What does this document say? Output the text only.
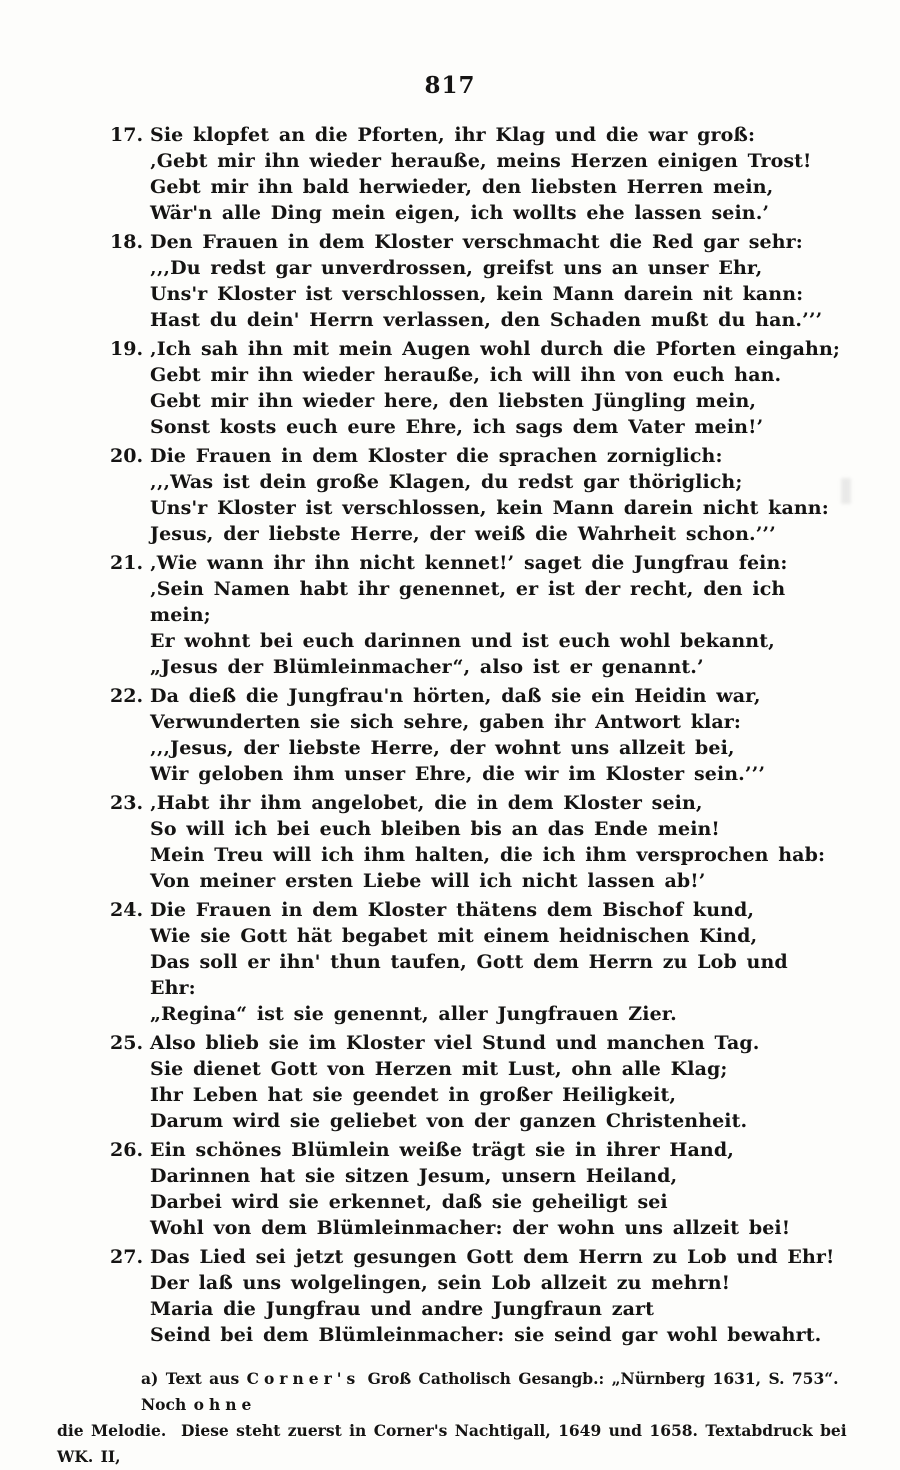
817
17. Sie klopfet an die Pforten, ihr Klag und die war groß:
‚Gebt mir ihn wieder herauße, meins Herzen einigen Trost!
Gebt mir ihn bald herwieder, den liebsten Herren mein,
Wär'n alle Ding mein eigen, ich wollts ehe lassen sein.’
18. Den Frauen in dem Kloster verschmacht die Red gar sehr:
‚‚‚Du redst gar unverdrossen, greifst uns an unser Ehr,
Uns'r Kloster ist verschlossen, kein Mann darein nit kann:
Hast du dein' Herrn verlassen, den Schaden mußt du han.’’’
19. ‚Ich sah ihn mit mein Augen wohl durch die Pforten eingahn;
Gebt mir ihn wieder herauße, ich will ihn von euch han.
Gebt mir ihn wieder here, den liebsten Jüngling mein,
Sonst kosts euch eure Ehre, ich sags dem Vater mein!’
20. Die Frauen in dem Kloster die sprachen zorniglich:
‚‚‚Was ist dein große Klagen, du redst gar thöriglich;
Uns'r Kloster ist verschlossen, kein Mann darein nicht kann:
Jesus, der liebste Herre, der weiß die Wahrheit schon.’’’
21. ‚Wie wann ihr ihn nicht kennet!’ saget die Jungfrau fein:
‚Sein Namen habt ihr genennet, er ist der recht, den ich mein;
Er wohnt bei euch darinnen und ist euch wohl bekannt,
„Jesus der Blümleinmacher“, also ist er genannt.’
22. Da dieß die Jungfrau'n hörten, daß sie ein Heidin war,
Verwunderten sie sich sehre, gaben ihr Antwort klar:
‚‚‚Jesus, der liebste Herre, der wohnt uns allzeit bei,
Wir geloben ihm unser Ehre, die wir im Kloster sein.’’’
23. ‚Habt ihr ihm angelobet, die in dem Kloster sein,
So will ich bei euch bleiben bis an das Ende mein!
Mein Treu will ich ihm halten, die ich ihm versprochen hab:
Von meiner ersten Liebe will ich nicht lassen ab!’
24. Die Frauen in dem Kloster thätens dem Bischof kund,
Wie sie Gott hät begabet mit einem heidnischen Kind,
Das soll er ihn' thun taufen, Gott dem Herrn zu Lob und Ehr:
„Regina“ ist sie genennt, aller Jungfrauen Zier.
25. Also blieb sie im Kloster viel Stund und manchen Tag.
Sie dienet Gott von Herzen mit Lust, ohn alle Klag;
Ihr Leben hat sie geendet in großer Heiligkeit,
Darum wird sie geliebet von der ganzen Christenheit.
26. Ein schönes Blümlein weiße trägt sie in ihrer Hand,
Darinnen hat sie sitzen Jesum, unsern Heiland,
Darbei wird sie erkennet, daß sie geheiligt sei
Wohl von dem Blümleinmacher: der wohn uns allzeit bei!
27. Das Lied sei jetzt gesungen Gott dem Herrn zu Lob und Ehr!
Der laß uns wolgelingen, sein Lob allzeit zu mehrn!
Maria die Jungfrau und andre Jungfraun zart
Seind bei dem Blümleinmacher: sie seind gar wohl bewahrt.
a) Text aus Corner's Groß Catholisch Gesangb.: „Nürnberg 1631, S. 753“. Noch ohne
die Melodie.  Diese steht zuerst in Corner's Nachtigall, 1649 und 1658. Textabdruck bei WK. II,
